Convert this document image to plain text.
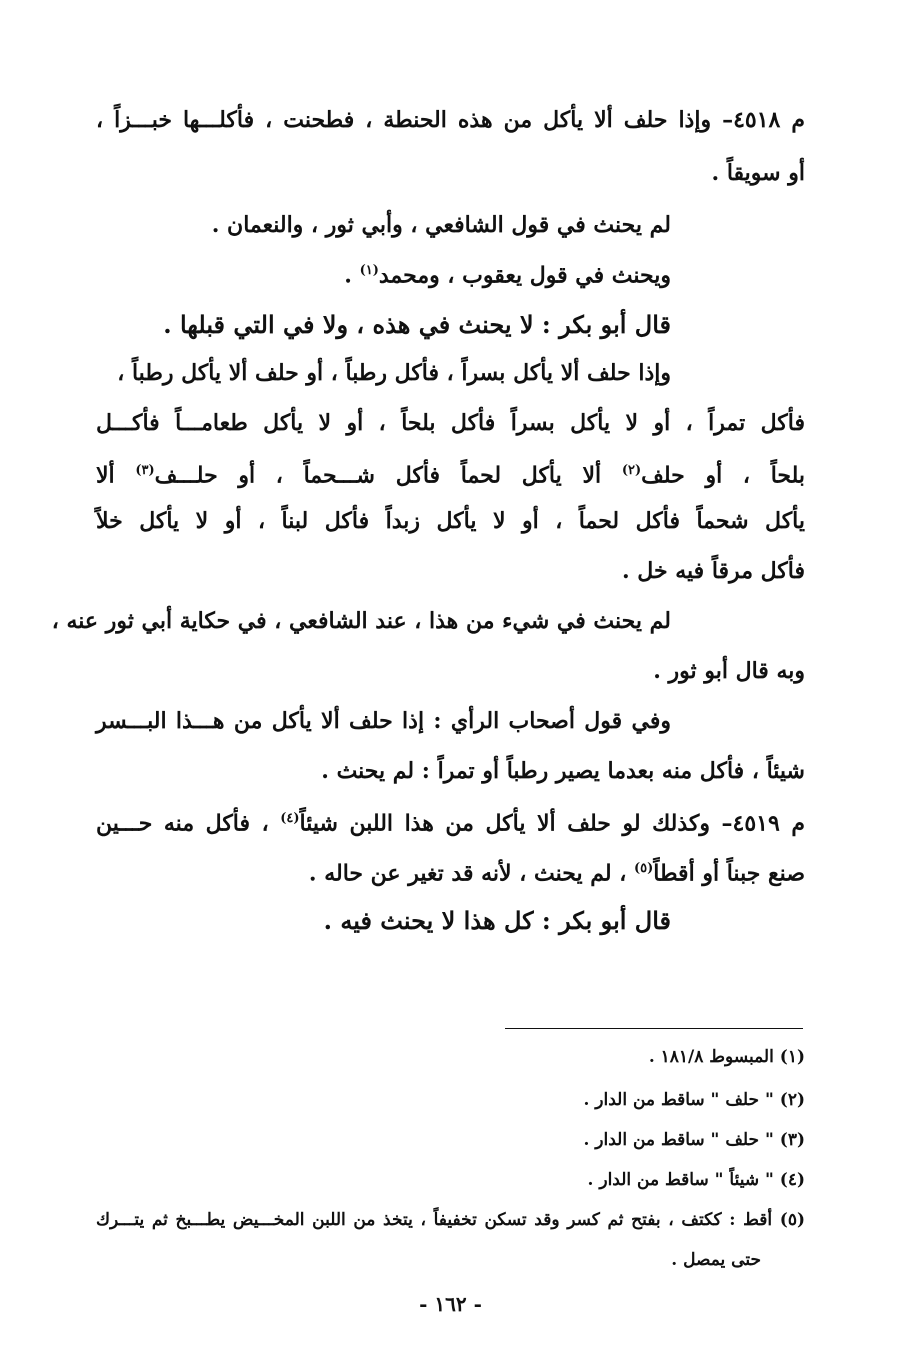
م ٤٥١٨– وإذا حلف ألا يأكل من هذه الحنطة ، فطحنت ، فأكلـــها خبـــزاً ،
أو سويقاً .
لم يحنث في قول الشافعي ، وأبي ثور ، والنعمان .
ويحنث في قول يعقوب ، ومحمد$^{(١)}$ .
قال أبو بكر : لا يحنث في هذه ، ولا في التي قبلها .
وإذا حلف ألا يأكل بسراً ، فأكل رطباً ، أو حلف ألا يأكل رطباً ،
فأكل تمراً ، أو لا يأكل بسراً فأكل بلحاً ، أو لا يأكل طعامـــاً فأكـــل
بلحاً ، أو حلف$^{(٢)}$ ألا يأكل لحماً فأكل شـــحماً ، أو حلـــف$^{(٣)}$ ألا
يأكل شحماً فأكل لحماً ، أو لا يأكل زبداً فأكل لبناً ، أو لا يأكل خلاً
فأكل مرقاً فيه خل .
لم يحنث في شيء من هذا ، عند الشافعي ، في حكاية أبي ثور عنه ،
وبه قال أبو ثور .
وفي قول أصحاب الرأي : إذا حلف ألا يأكل من هـــذا البـــسر
شيئاً ، فأكل منه بعدما يصير رطباً أو تمراً : لم يحنث .
م ٤٥١٩– وكذلك لو حلف ألا يأكل من هذا اللبن شيئاً$^{(٤)}$ ، فأكل منه حـــين
صنع جبناً أو أقطاً$^{(٥)}$ ، لم يحنث ، لأنه قد تغير عن حاله .
قال أبو بكر : كل هذا لا يحنث فيه .
(١) المبسوط ١٨١/٨ .
(٢) " حلف " ساقط من الدار .
(٣) " حلف " ساقط من الدار .
(٤) " شيئاً " ساقط من الدار .
(٥) أقط : ككتف ، بفتح ثم كسر وقد تسكن تخفيفاً ، يتخذ من اللبن المخـــيض يطـــبخ ثم يتـــرك
حتى يمصل .
- ١٦٢ -
